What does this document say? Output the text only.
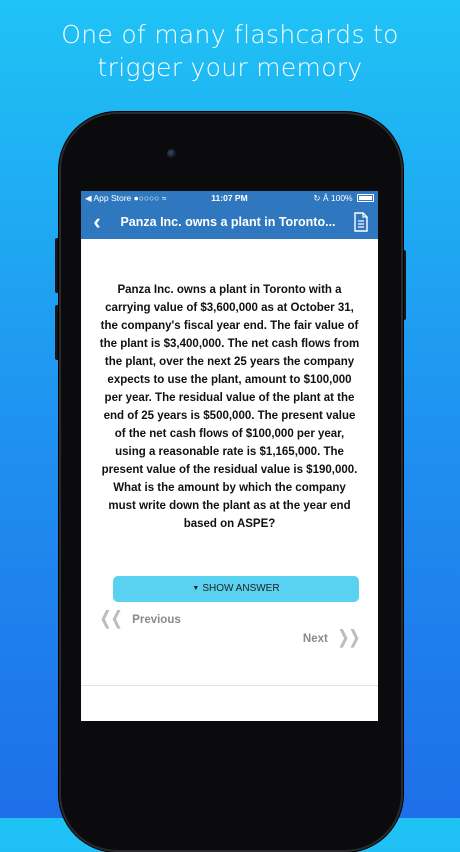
One of many flashcards to
trigger your memory
◀ App Store ●○○○○ ≈	11:07 PM	↻ Å 100%
‹	Panza Inc. owns a plant in Toronto...
Panza Inc. owns a plant in Toronto with a carrying value of $3,600,000 as at October 31, the company's fiscal year end. The fair value of the plant is $3,400,000. The net cash flows from the plant, over the next 25 years the company expects to use the plant, amount to $100,000 per year. The residual value of the plant at the end of 25 years is $500,000. The present value of the net cash flows of $100,000 per year, using a reasonable rate is $1,165,000. The present value of the residual value is $190,000. What is the amount by which the company must write down the plant as at the year end based on ASPE?
▼ SHOW ANSWER
❬❬ Previous
Next ❭❭
